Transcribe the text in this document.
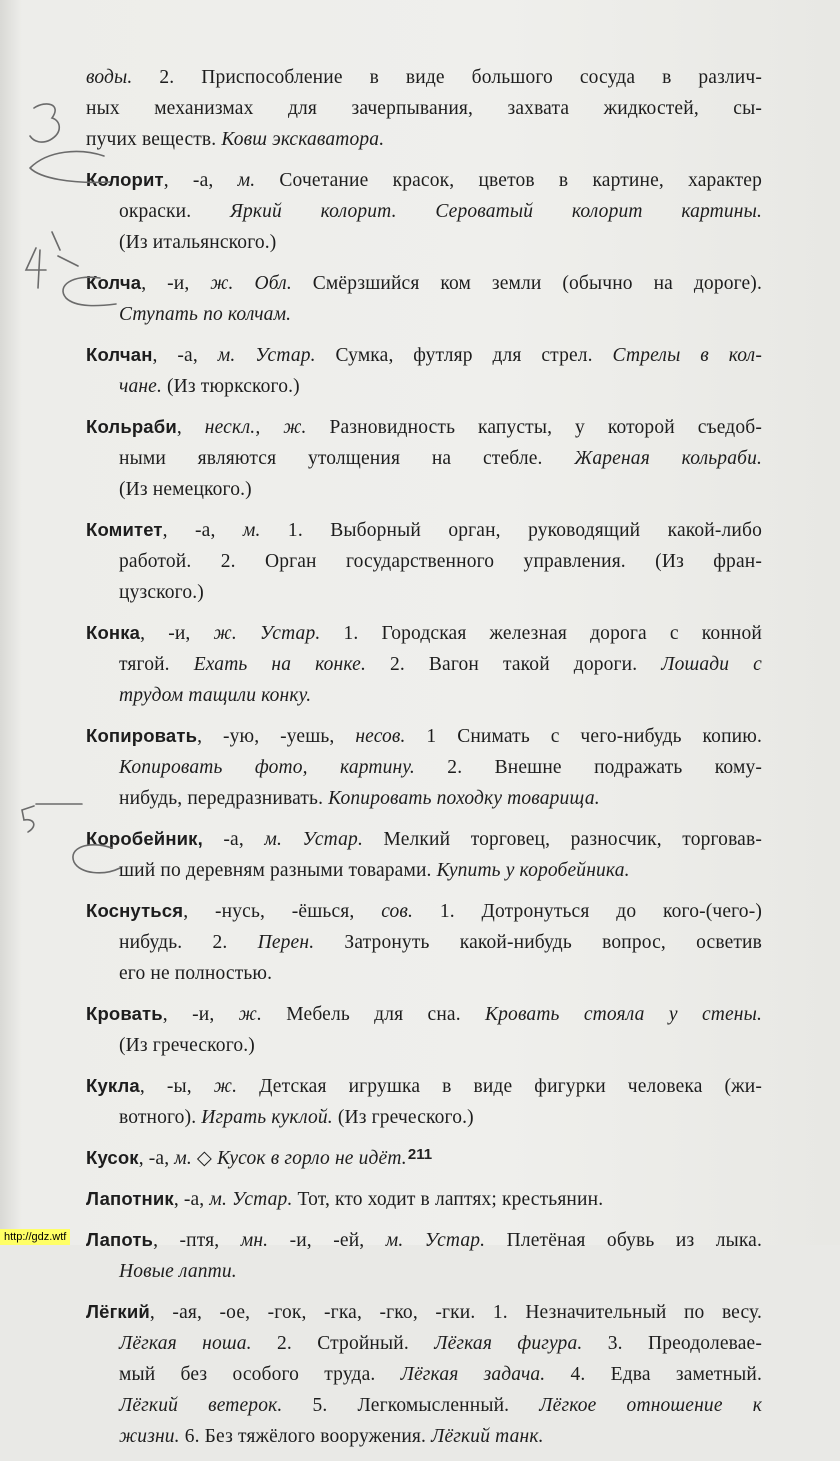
воды. 2. Приспособление в виде большого сосуда в различ-
ных механизмах для зачерпывания, захвата жидкостей, сы-
пучих веществ. Ковш экскаватора.
Колорит, -а, м. Сочетание красок, цветов в картине, характер
окраски. Яркий колорит. Сероватый колорит картины.
(Из итальянского.)
Колча, -и, ж. Обл. Смёрзшийся ком земли (обычно на дороге).
Ступать по колчам.
Колчан, -а, м. Устар. Сумка, футляр для стрел. Стрелы в кол-
чане. (Из тюркского.)
Кольраби, нескл., ж. Разновидность капусты, у которой съедоб-
ными являются утолщения на стебле. Жареная кольраби.
(Из немецкого.)
Комитет, -а, м. 1. Выборный орган, руководящий какой-либо
работой. 2. Орган государственного управления. (Из фран-
цузского.)
Конка, -и, ж. Устар. 1. Городская железная дорога с конной
тягой. Ехать на конке. 2. Вагон такой дороги. Лошади с
трудом тащили конку.
Копировать, -ую, -уешь, несов. 1 Снимать с чего-нибудь копию.
Копировать фото, картину. 2. Внешне подражать кому-
нибудь, передразнивать. Копировать походку товарища.
Коробейник, -а, м. Устар. Мелкий торговец, разносчик, торговав-
ший по деревням разными товарами. Купить у коробейника.
Коснуться, -нусь, -ёшься, сов. 1. Дотронуться до кого-(чего-)
нибудь. 2. Перен. Затронуть какой-нибудь вопрос, осветив
его не полностью.
Кровать, -и, ж. Мебель для сна. Кровать стояла у стены.
(Из греческого.)
Кукла, -ы, ж. Детская игрушка в виде фигурки человека (жи-
вотного). Играть куклой. (Из греческого.)
Кусок, -а, м. ◇ Кусок в горло не идёт.
Лапотник, -а, м. Устар. Тот, кто ходит в лаптях; крестьянин.
Лапоть, -птя, мн. -и, -ей, м. Устар. Плетёная обувь из лыка.
Новые лапти.
Лёгкий, -ая, -ое, -гок, -гка, -гко, -гки. 1. Незначительный по весу.
Лёгкая ноша. 2. Стройный. Лёгкая фигура. 3. Преодолевае-
мый без особого труда. Лёгкая задача. 4. Едва заметный.
Лёгкий ветерок. 5. Легкомысленный. Лёгкое отношение к
жизни. 6. Без тяжёлого вооружения. Лёгкий танк.
211
http://gdz.wtf
